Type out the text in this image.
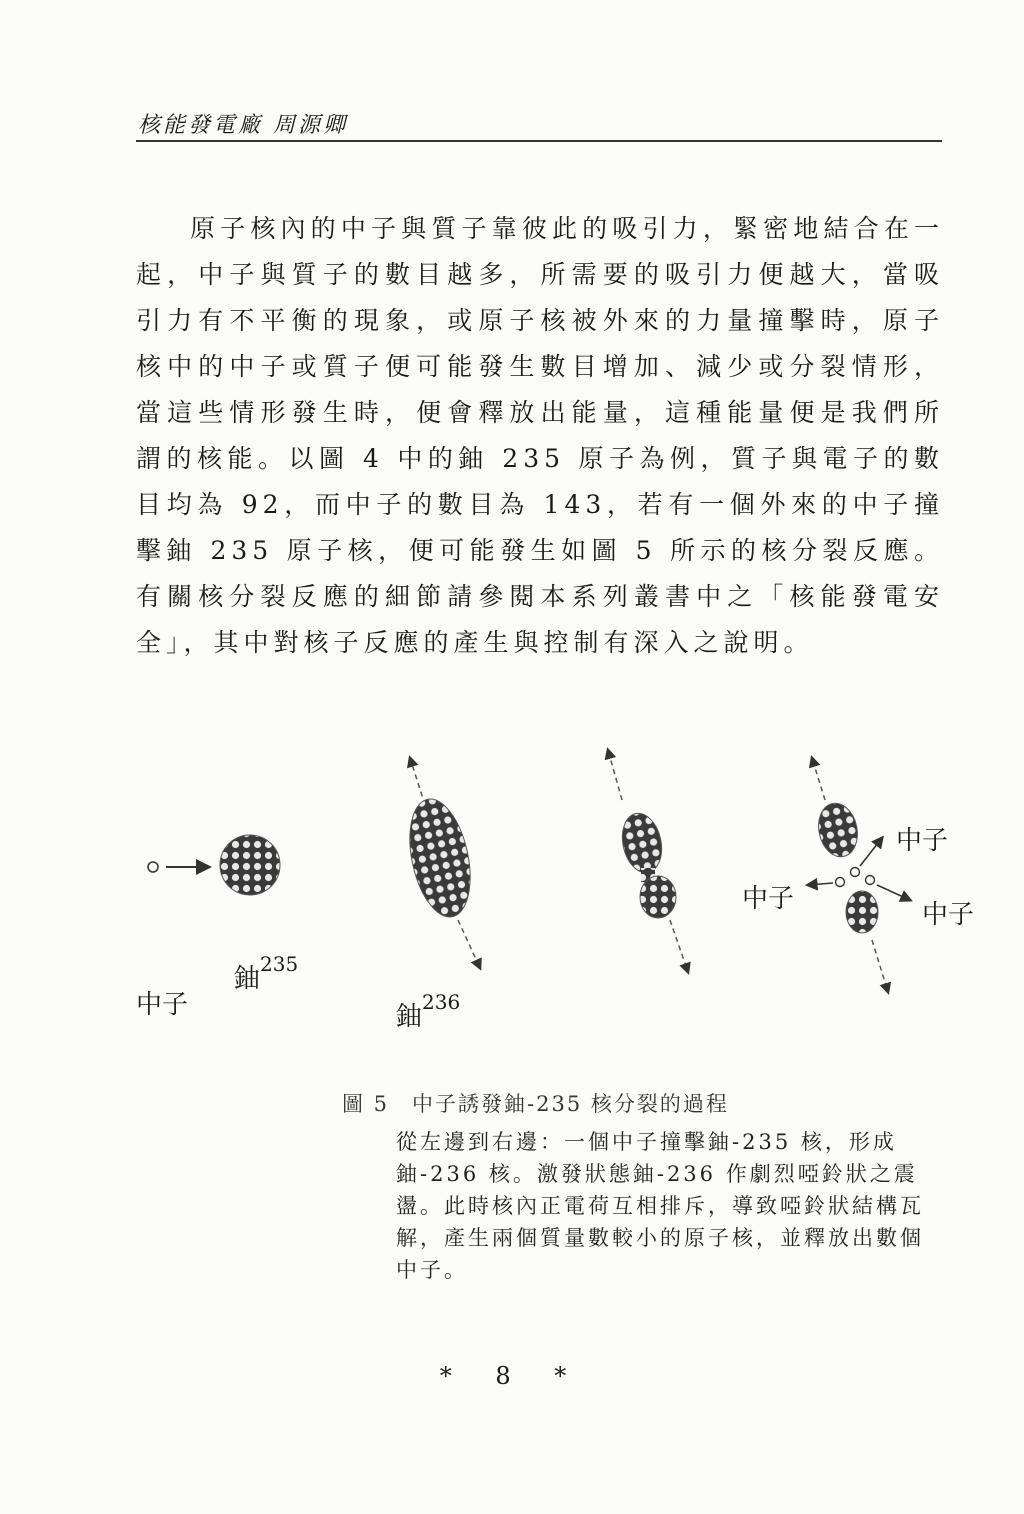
核能發電廠 周源卿

原子核內的中子與質子靠彼此的吸引力，緊密地結合在一起，中子與質子的數目越多，所需要的吸引力便越大，當吸引力有不平衡的現象，或原子核被外來的力量撞擊時，原子核中的中子或質子便可能發生數目增加、減少或分裂情形，當這些情形發生時，便會釋放出能量，這種能量便是我們所謂的核能。以圖 4 中的鈾 235 原子為例，質子與電子的數目均為 92，而中子的數目為 143，若有一個外來的中子撞擊鈾 235 原子核，便可能發生如圖 5 所示的核分裂反應。有關核分裂反應的細節請參閱本系列叢書中之「核能發電安全」，其中對核子反應的產生與控制有深入之說明。

中子
鈾$^{235}$
鈾$^{236}$
中子
中子
中子
圖 5　中子誘發鈾-235 核分裂的過程
從左邊到右邊：一個中子撞擊鈾-235 核，形成鈾-236 核。激發狀態鈾-236 作劇烈啞鈴狀之震盪。此時核內正電荷互相排斥，導致啞鈴狀結構瓦解，產生兩個質量數較小的原子核，並釋放出數個中子。
* 8 *
